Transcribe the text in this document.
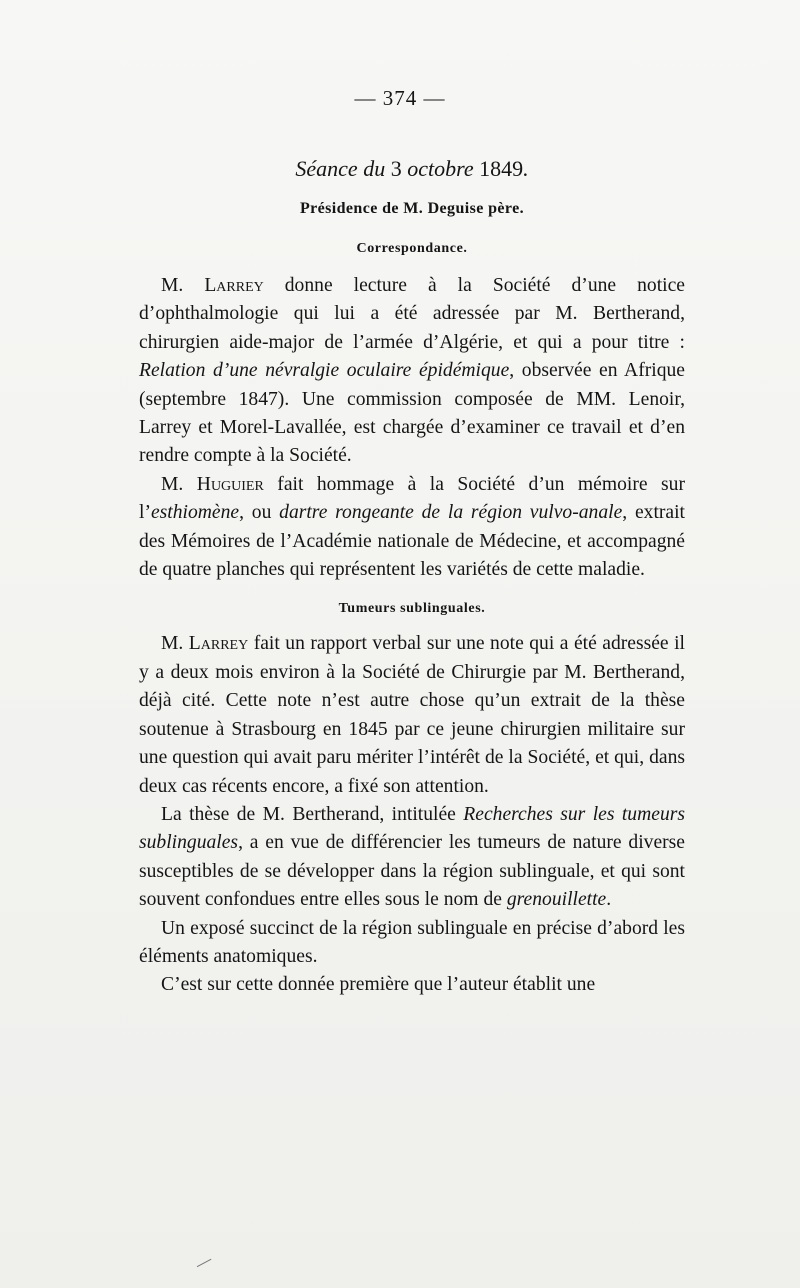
— 374 —
Séance du 3 octobre 1849.
Présidence de M. Deguise père.
Correspondance.

M. Larrey donne lecture à la Société d’une notice d’ophthalmologie qui lui a été adressée par M. Bertherand, chirurgien aide-major de l’armée d’Algérie, et qui a pour titre : Relation d’une névralgie oculaire épidémique, observée en Afrique (septembre 1847). Une commission composée de MM. Lenoir, Larrey et Morel-Lavallée, est chargée d’examiner ce travail et d’en rendre compte à la Société.

M. Huguier fait hommage à la Société d’un mémoire sur l’esthiomène, ou dartre rongeante de la région vulvo-anale, extrait des Mémoires de l’Académie nationale de Médecine, et accompagné de quatre planches qui représentent les variétés de cette maladie.

Tumeurs sublinguales.

M. Larrey fait un rapport verbal sur une note qui a été adressée il y a deux mois environ à la Société de Chirurgie par M. Bertherand, déjà cité. Cette note n’est autre chose qu’un extrait de la thèse soutenue à Strasbourg en 1845 par ce jeune chirurgien militaire sur une question qui avait paru mériter l’intérêt de la Société, et qui, dans deux cas récents encore, a fixé son attention.

La thèse de M. Bertherand, intitulée Recherches sur les tumeurs sublinguales, a en vue de différencier les tumeurs de nature diverse susceptibles de se développer dans la région sublinguale, et qui sont souvent confondues entre elles sous le nom de grenouillette.

Un exposé succinct de la région sublinguale en précise d’abord les éléments anatomiques.

C’est sur cette donnée première que l’auteur établit une
